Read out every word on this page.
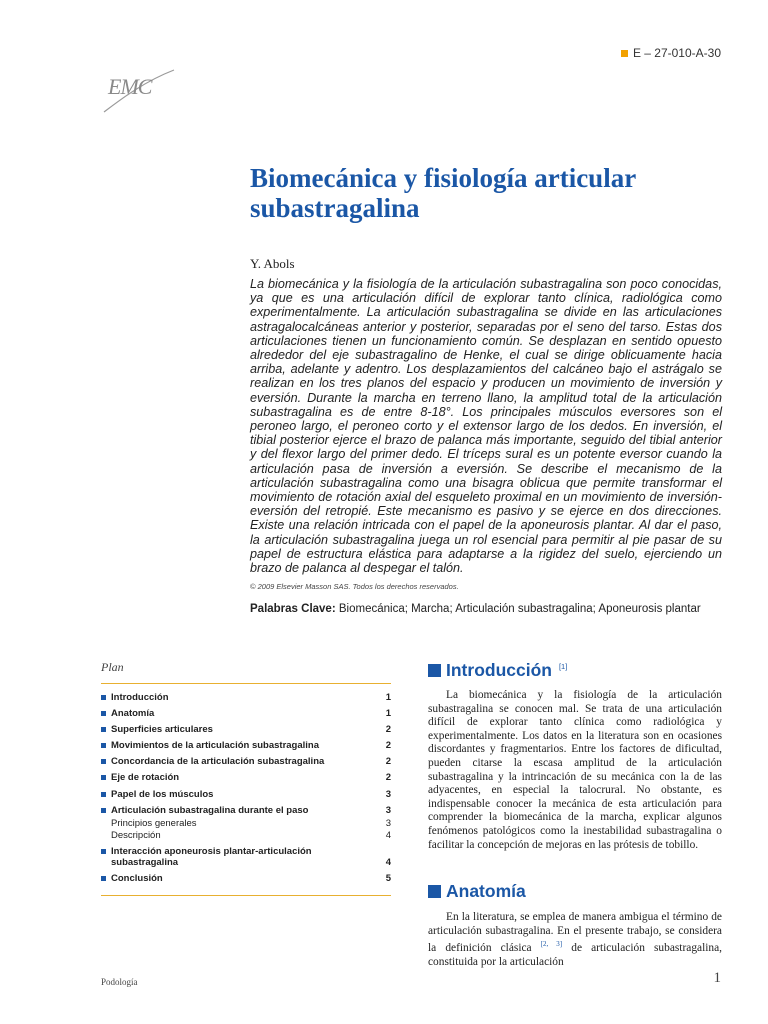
E – 27-010-A-30
EMC
Biomecánica y fisiología articular subastragalina
Y. Abols

La biomecánica y la fisiología de la articulación subastragalina son poco conocidas, ya que es una articulación difícil de explorar tanto clínica, radiológica como experimentalmente. La articulación subastragalina se divide en las articulaciones astragalocalcáneas anterior y posterior, separadas por el seno del tarso. Estas dos articulaciones tienen un funcionamiento común. Se desplazan en sentido opuesto alrededor del eje subastragalino de Henke, el cual se dirige oblicuamente hacia arriba, adelante y adentro. Los desplazamientos del calcáneo bajo el astrágalo se realizan en los tres planos del espacio y producen un movimiento de inversión y eversión. Durante la marcha en terreno llano, la amplitud total de la articulación subastragalina es de entre 8-18°. Los principales músculos eversores son el peroneo largo, el peroneo corto y el extensor largo de los dedos. En inversión, el tibial posterior ejerce el brazo de palanca más importante, seguido del tibial anterior y del flexor largo del primer dedo. El tríceps sural es un potente eversor cuando la articulación pasa de inversión a eversión. Se describe el mecanismo de la articulación subastragalina como una bisagra oblicua que permite transformar el movimiento de rotación axial del esqueleto proximal en un movimiento de inversión-eversión del retropié. Este mecanismo es pasivo y se ejerce en dos direcciones. Existe una relación intricada con el papel de la aponeurosis plantar. Al dar el paso, la articulación subastragalina juega un rol esencial para permitir al pie pasar de su papel de estructura elástica para adaptarse a la rigidez del suelo, ejerciendo un brazo de palanca al despegar el talón.

© 2009 Elsevier Masson SAS. Todos los derechos reservados.
Palabras Clave: Biomecánica; Marcha; Articulación subastragalina; Aponeurosis plantar
Plan
Introducción	1
Anatomía	1
Superficies articulares	2
Movimientos de la articulación subastragalina	2
Concordancia de la articulación subastragalina	2
Eje de rotación	2
Papel de los músculos	3
Articulación subastragalina durante el paso	3
Principios generales	3
Descripción	4
Interacción aponeurosis plantar-articulación subastragalina	4
Conclusión	5
Introducción [1]

La biomecánica y la fisiología de la articulación subastragalina se conocen mal. Se trata de una articulación difícil de explorar tanto clínica como radiológica y experimentalmente. Los datos en la literatura son en ocasiones discordantes y fragmentarios. Entre los factores de dificultad, pueden citarse la escasa amplitud de la articulación subastragalina y la intrincación de su mecánica con la de las adyacentes, en especial la talocrural. No obstante, es indispensable conocer la mecánica de esta articulación para comprender la biomecánica de la marcha, explicar algunos fenómenos patológicos como la inestabilidad subastragalina o facilitar la concepción de mejoras en las prótesis de tobillo.

Anatomía

En la literatura, se emplea de manera ambigua el término de articulación subastragalina. En el presente trabajo, se considera la definición clásica [2, 3] de articulación subastragalina, constituida por la articulación

Podología	1
